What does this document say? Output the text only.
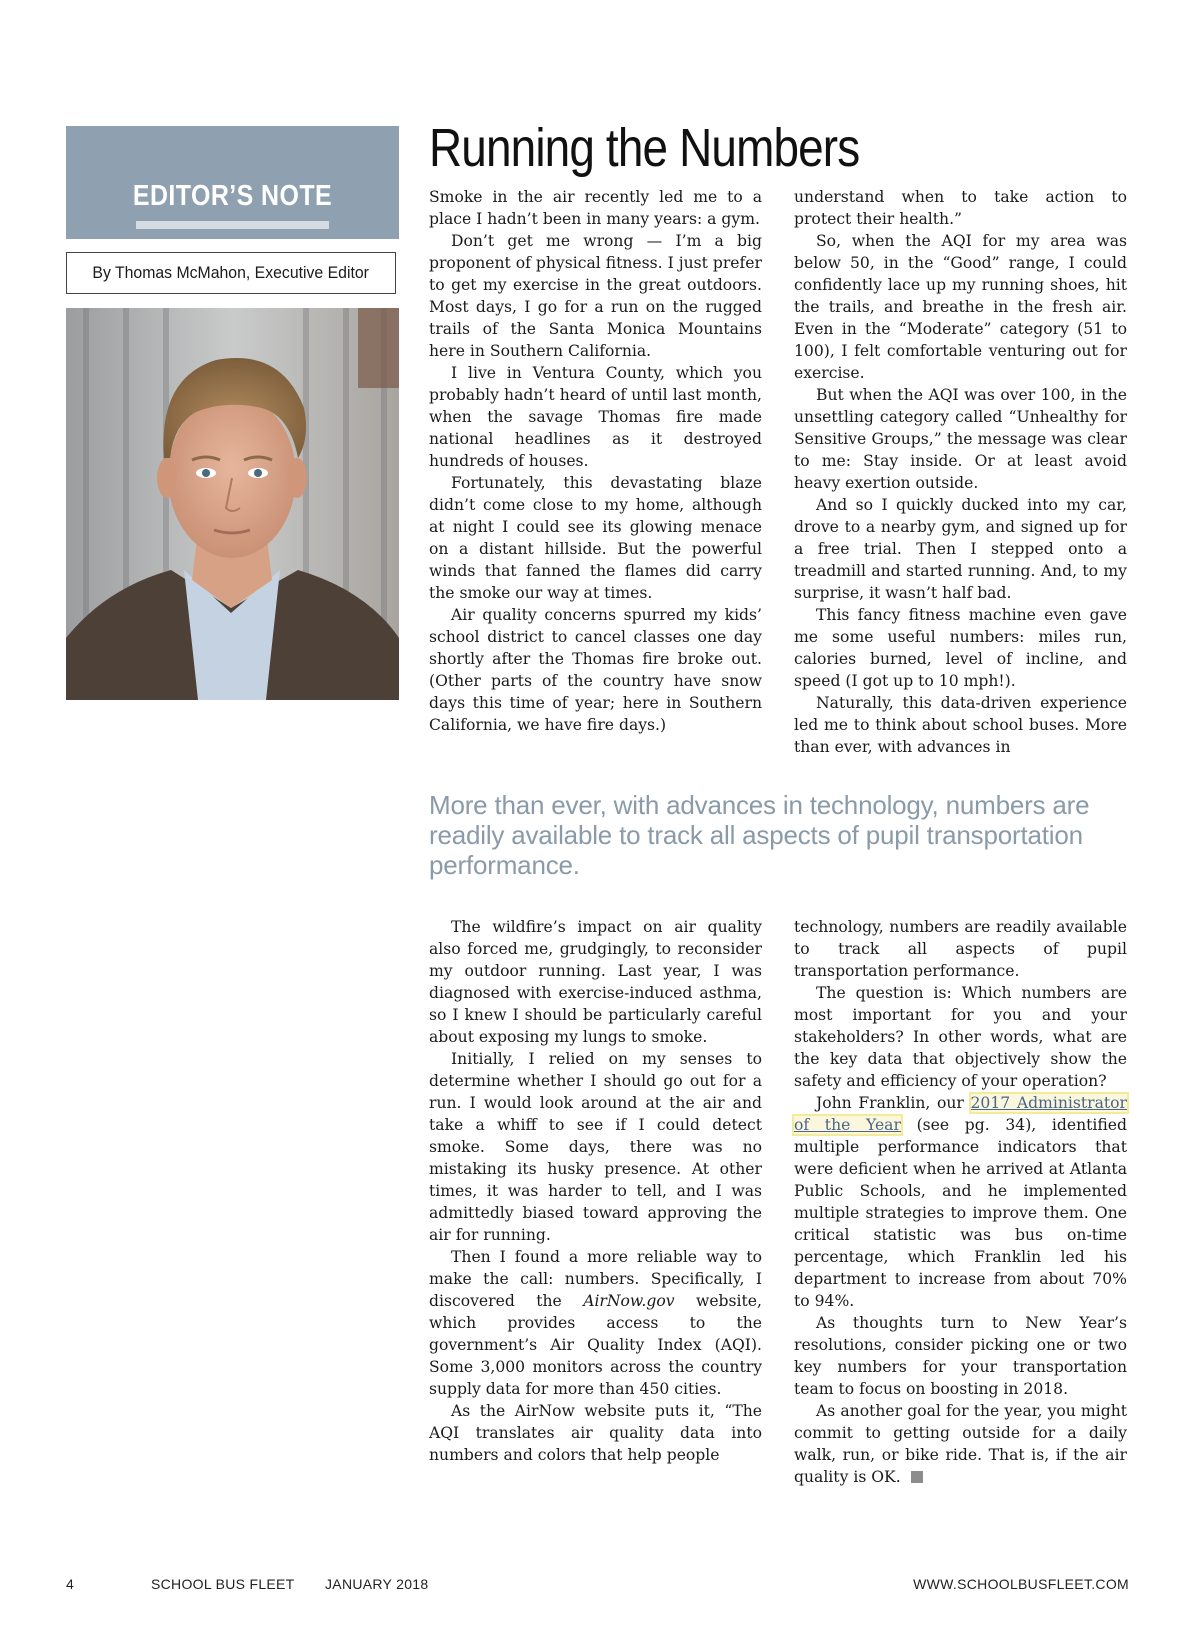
EDITOR’S NOTE
By Thomas McMahon, Executive Editor
Running the Numbers

Smoke in the air recently led me to a place I hadn’t been in many years: a gym.

Don’t get me wrong — I’m a big proponent of physical fitness. I just prefer to get my exercise in the great outdoors. Most days, I go for a run on the rugged trails of the Santa Monica Mountains here in Southern California.

I live in Ventura County, which you probably hadn’t heard of until last month, when the savage Thomas fire made national headlines as it destroyed hundreds of houses.

Fortunately, this devastating blaze didn’t come close to my home, although at night I could see its glowing menace on a distant hillside. But the powerful winds that fanned the flames did carry the smoke our way at times.

Air quality concerns spurred my kids’ school district to cancel classes one day shortly after the Thomas fire broke out. (Other parts of the country have snow days this time of year; here in Southern California, we have fire days.)

understand when to take action to protect their health.”

So, when the AQI for my area was below 50, in the “Good” range, I could confidently lace up my running shoes, hit the trails, and breathe in the fresh air. Even in the “Moderate” category (51 to 100), I felt comfortable venturing out for exercise.

But when the AQI was over 100, in the unsettling category called “Unhealthy for Sensitive Groups,” the message was clear to me: Stay inside. Or at least avoid heavy exertion outside.

And so I quickly ducked into my car, drove to a nearby gym, and signed up for a free trial. Then I stepped onto a treadmill and started running. And, to my surprise, it wasn’t half bad.

This fancy fitness machine even gave me some useful numbers: miles run, calories burned, level of incline, and speed (I got up to 10 mph!).

Naturally, this data-driven experience led me to think about school buses. More than ever, with advances in

More than ever, with advances in technology, numbers are readily available to track all aspects of pupil transportation performance.

The wildfire’s impact on air quality also forced me, grudgingly, to reconsider my outdoor running. Last year, I was diagnosed with exercise-induced asthma, so I knew I should be particularly careful about exposing my lungs to smoke.

Initially, I relied on my senses to determine whether I should go out for a run. I would look around at the air and take a whiff to see if I could detect smoke. Some days, there was no mistaking its husky presence. At other times, it was harder to tell, and I was admittedly biased toward approving the air for running.

Then I found a more reliable way to make the call: numbers. Specifically, I discovered the AirNow.gov website, which provides access to the government’s Air Quality Index (AQI). Some 3,000 monitors across the country supply data for more than 450 cities.

As the AirNow website puts it, “The AQI translates air quality data into numbers and colors that help people

technology, numbers are readily available to track all aspects of pupil transportation performance.

The question is: Which numbers are most important for you and your stakeholders? In other words, what are the key data that objectively show the safety and efficiency of your operation?

John Franklin, our 2017 Administrator of the Year (see pg. 34), identified multiple performance indicators that were deficient when he arrived at Atlanta Public Schools, and he implemented multiple strategies to improve them. One critical statistic was bus on-time percentage, which Franklin led his department to increase from about 70% to 94%.

As thoughts turn to New Year’s resolutions, consider picking one or two key numbers for your transportation team to focus on boosting in 2018.

As another goal for the year, you might commit to getting outside for a daily walk, run, or bike ride. That is, if the air quality is OK.

4	SCHOOL BUS FLEET JANUARY 2018	WWW.SCHOOLBUSFLEET.COM
